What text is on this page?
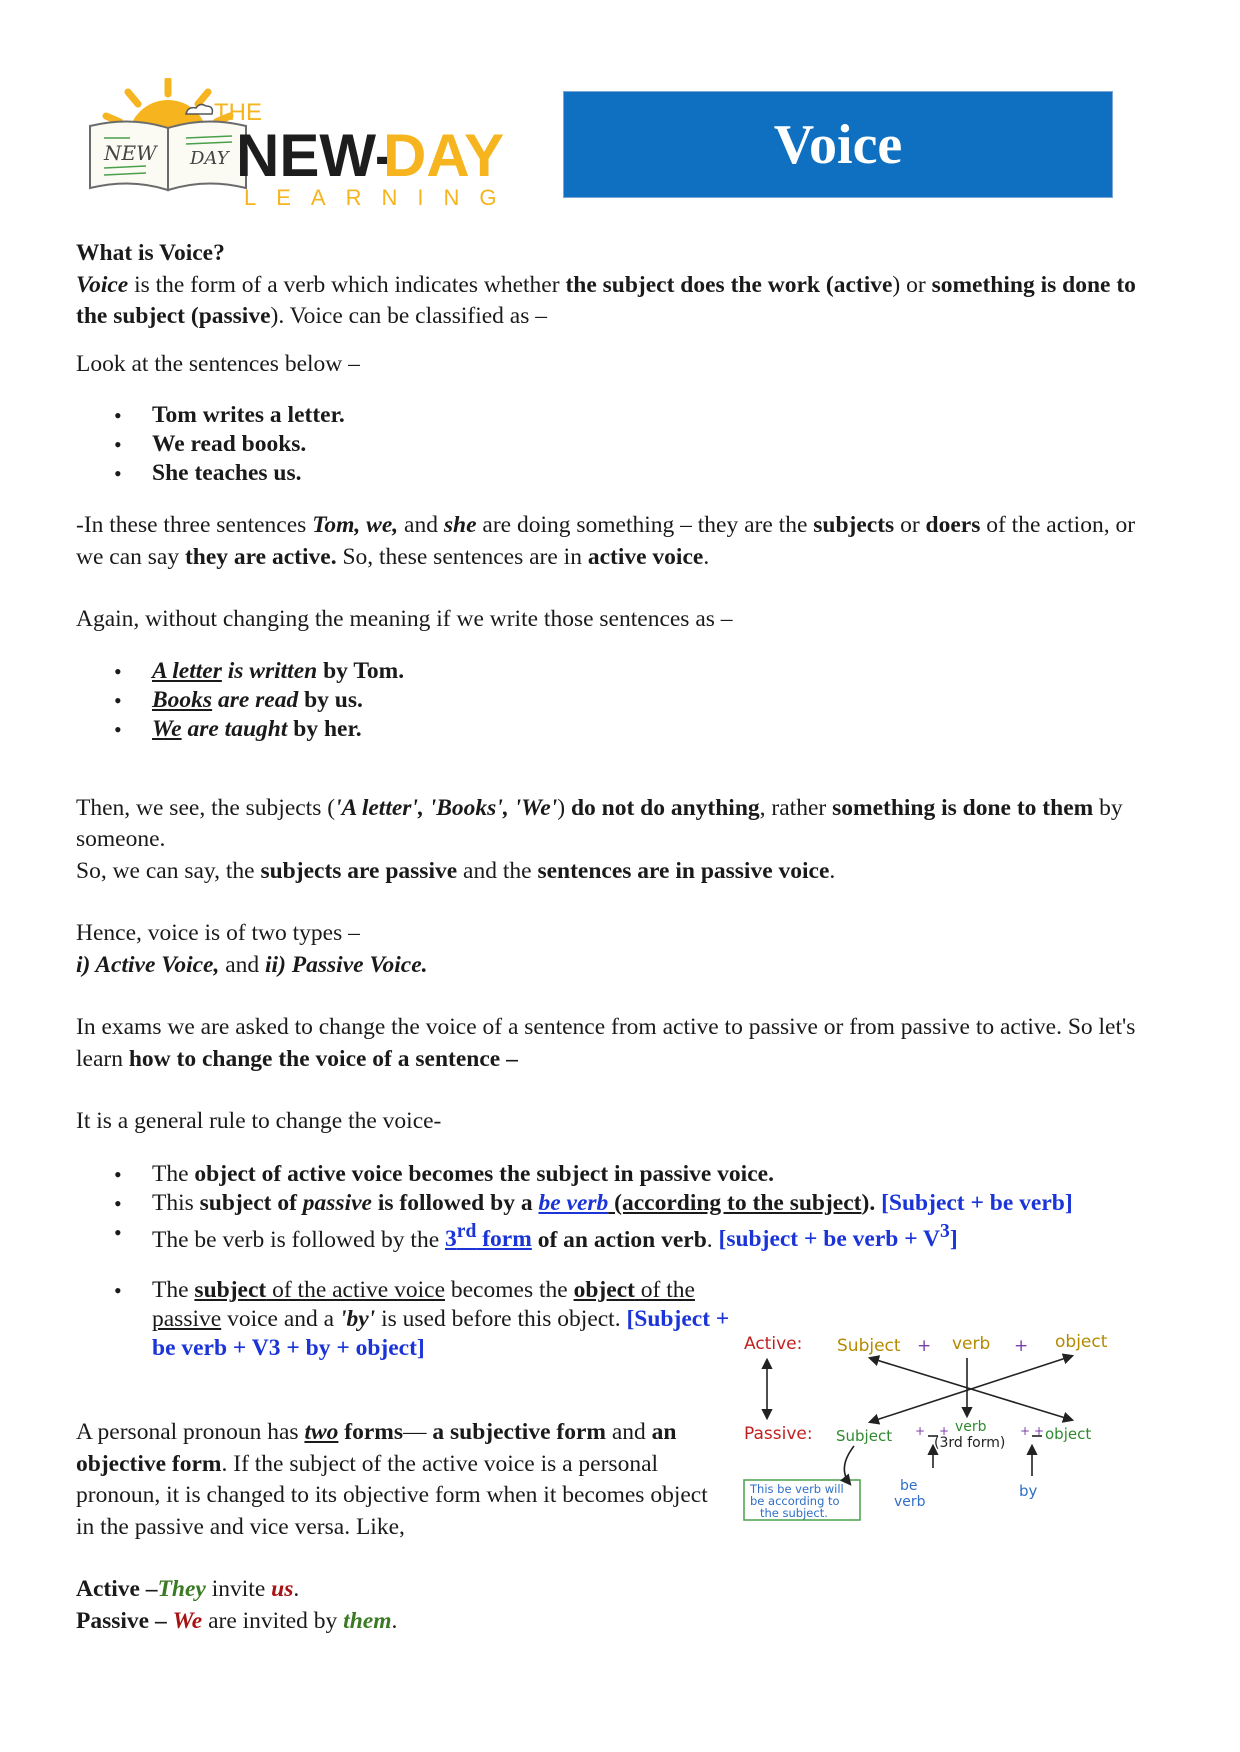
NEW DAY
THE
NEW-
DAY
LEARNING
Voice

What is Voice?

Voice is the form of a verb which indicates whether the subject does the work (active) or something is done to the subject (passive). Voice can be classified as –

Look at the sentences below –

• Tom writes a letter.
• We read books.
• She teaches us.

-In these three sentences Tom, we, and she are doing something – they are the subjects or doers of the action, or we can say they are active. So, these sentences are in active voice.

Again, without changing the meaning if we write those sentences as –

• A letter is written by Tom.
• Books are read by us.
• We are taught by her.

Then, we see, the subjects ('A letter', 'Books', 'We') do not do anything, rather something is done to them by someone.
So, we can say, the subjects are passive and the sentences are in passive voice.

Hence, voice is of two types –
i) Active Voice, and ii) Passive Voice.

In exams we are asked to change the voice of a sentence from active to passive or from passive to active. So let's learn how to change the voice of a sentence –

It is a general rule to change the voice-

• The object of active voice becomes the subject in passive voice.
• This subject of passive is followed by a be verb (according to the subject). [Subject + be verb]
• The be verb is followed by the 3rd form of an action verb. [subject + be verb + $V^3$]
• The subject of the active voice becomes the object of the passive voice and a 'by' is used before this object. [Subject + be verb + V3 + by + object]

A personal pronoun has two forms— a subjective form and an objective form. If the subject of the active voice is a personal pronoun, it is changed to its objective form when it becomes object in the passive and vice versa. Like,

Active –They invite us.

Passive – We are invited by them.

Active: Subject + verb + object
Passive: Subject	verb
(3rd form)	object
be
verb
by
This be verb will
be according to
the subject.
+ +	+ +
